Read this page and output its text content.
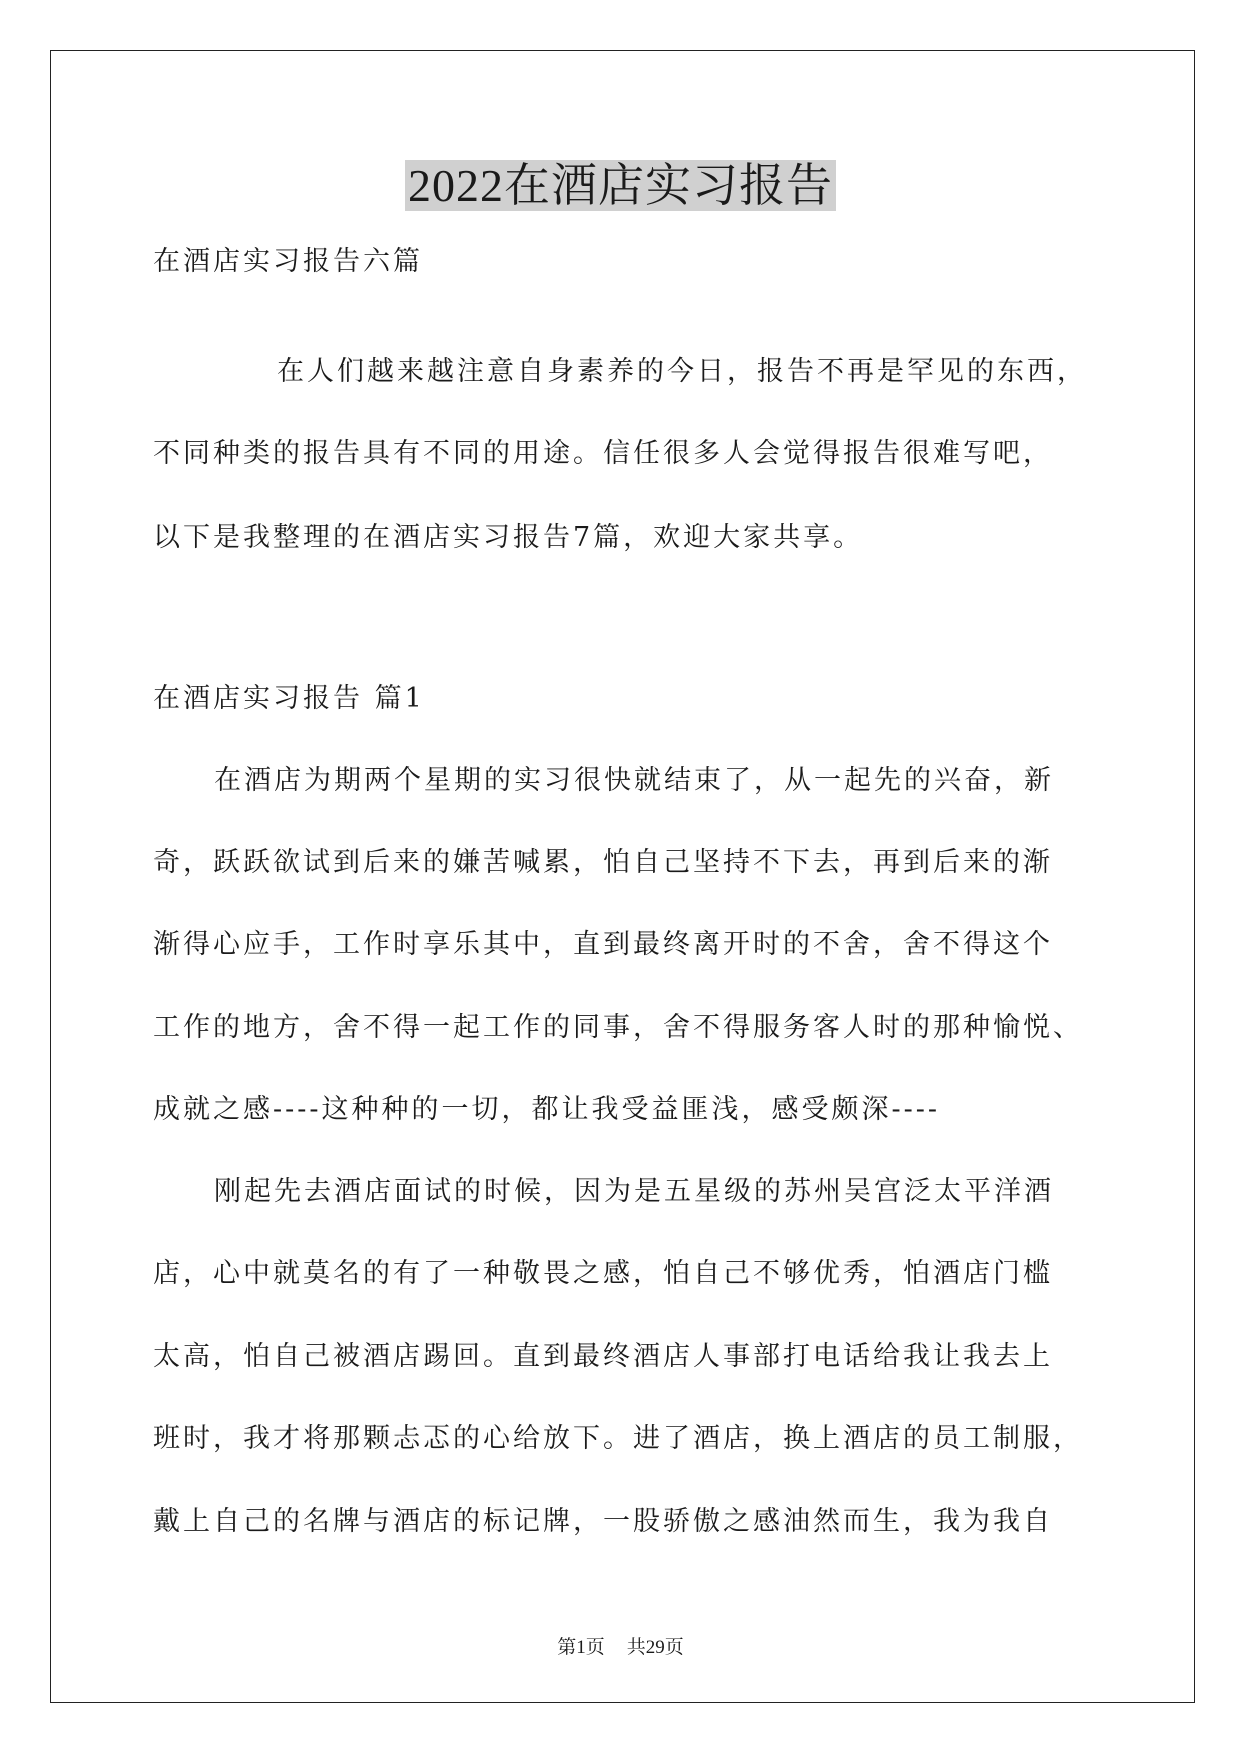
2022在酒店实习报告

在酒店实习报告六篇

在人们越来越注意自身素养的今日，报告不再是罕见的东西，

不同种类的报告具有不同的用途。信任很多人会觉得报告很难写吧，

以下是我整理的在酒店实习报告7篇，欢迎大家共享。

在酒店实习报告 篇1

在酒店为期两个星期的实习很快就结束了，从一起先的兴奋，新

奇，跃跃欲试到后来的嫌苦喊累，怕自己坚持不下去，再到后来的渐

渐得心应手，工作时享乐其中，直到最终离开时的不舍，舍不得这个

工作的地方，舍不得一起工作的同事，舍不得服务客人时的那种愉悦、

成就之感----这种种的一切，都让我受益匪浅，感受颇深----

刚起先去酒店面试的时候，因为是五星级的苏州吴宫泛太平洋酒

店，心中就莫名的有了一种敬畏之感，怕自己不够优秀，怕酒店门槛

太高，怕自己被酒店踢回。直到最终酒店人事部打电话给我让我去上

班时，我才将那颗忐忑的心给放下。进了酒店，换上酒店的员工制服，

戴上自己的名牌与酒店的标记牌，一股骄傲之感油然而生，我为我自

第1页 共29页
